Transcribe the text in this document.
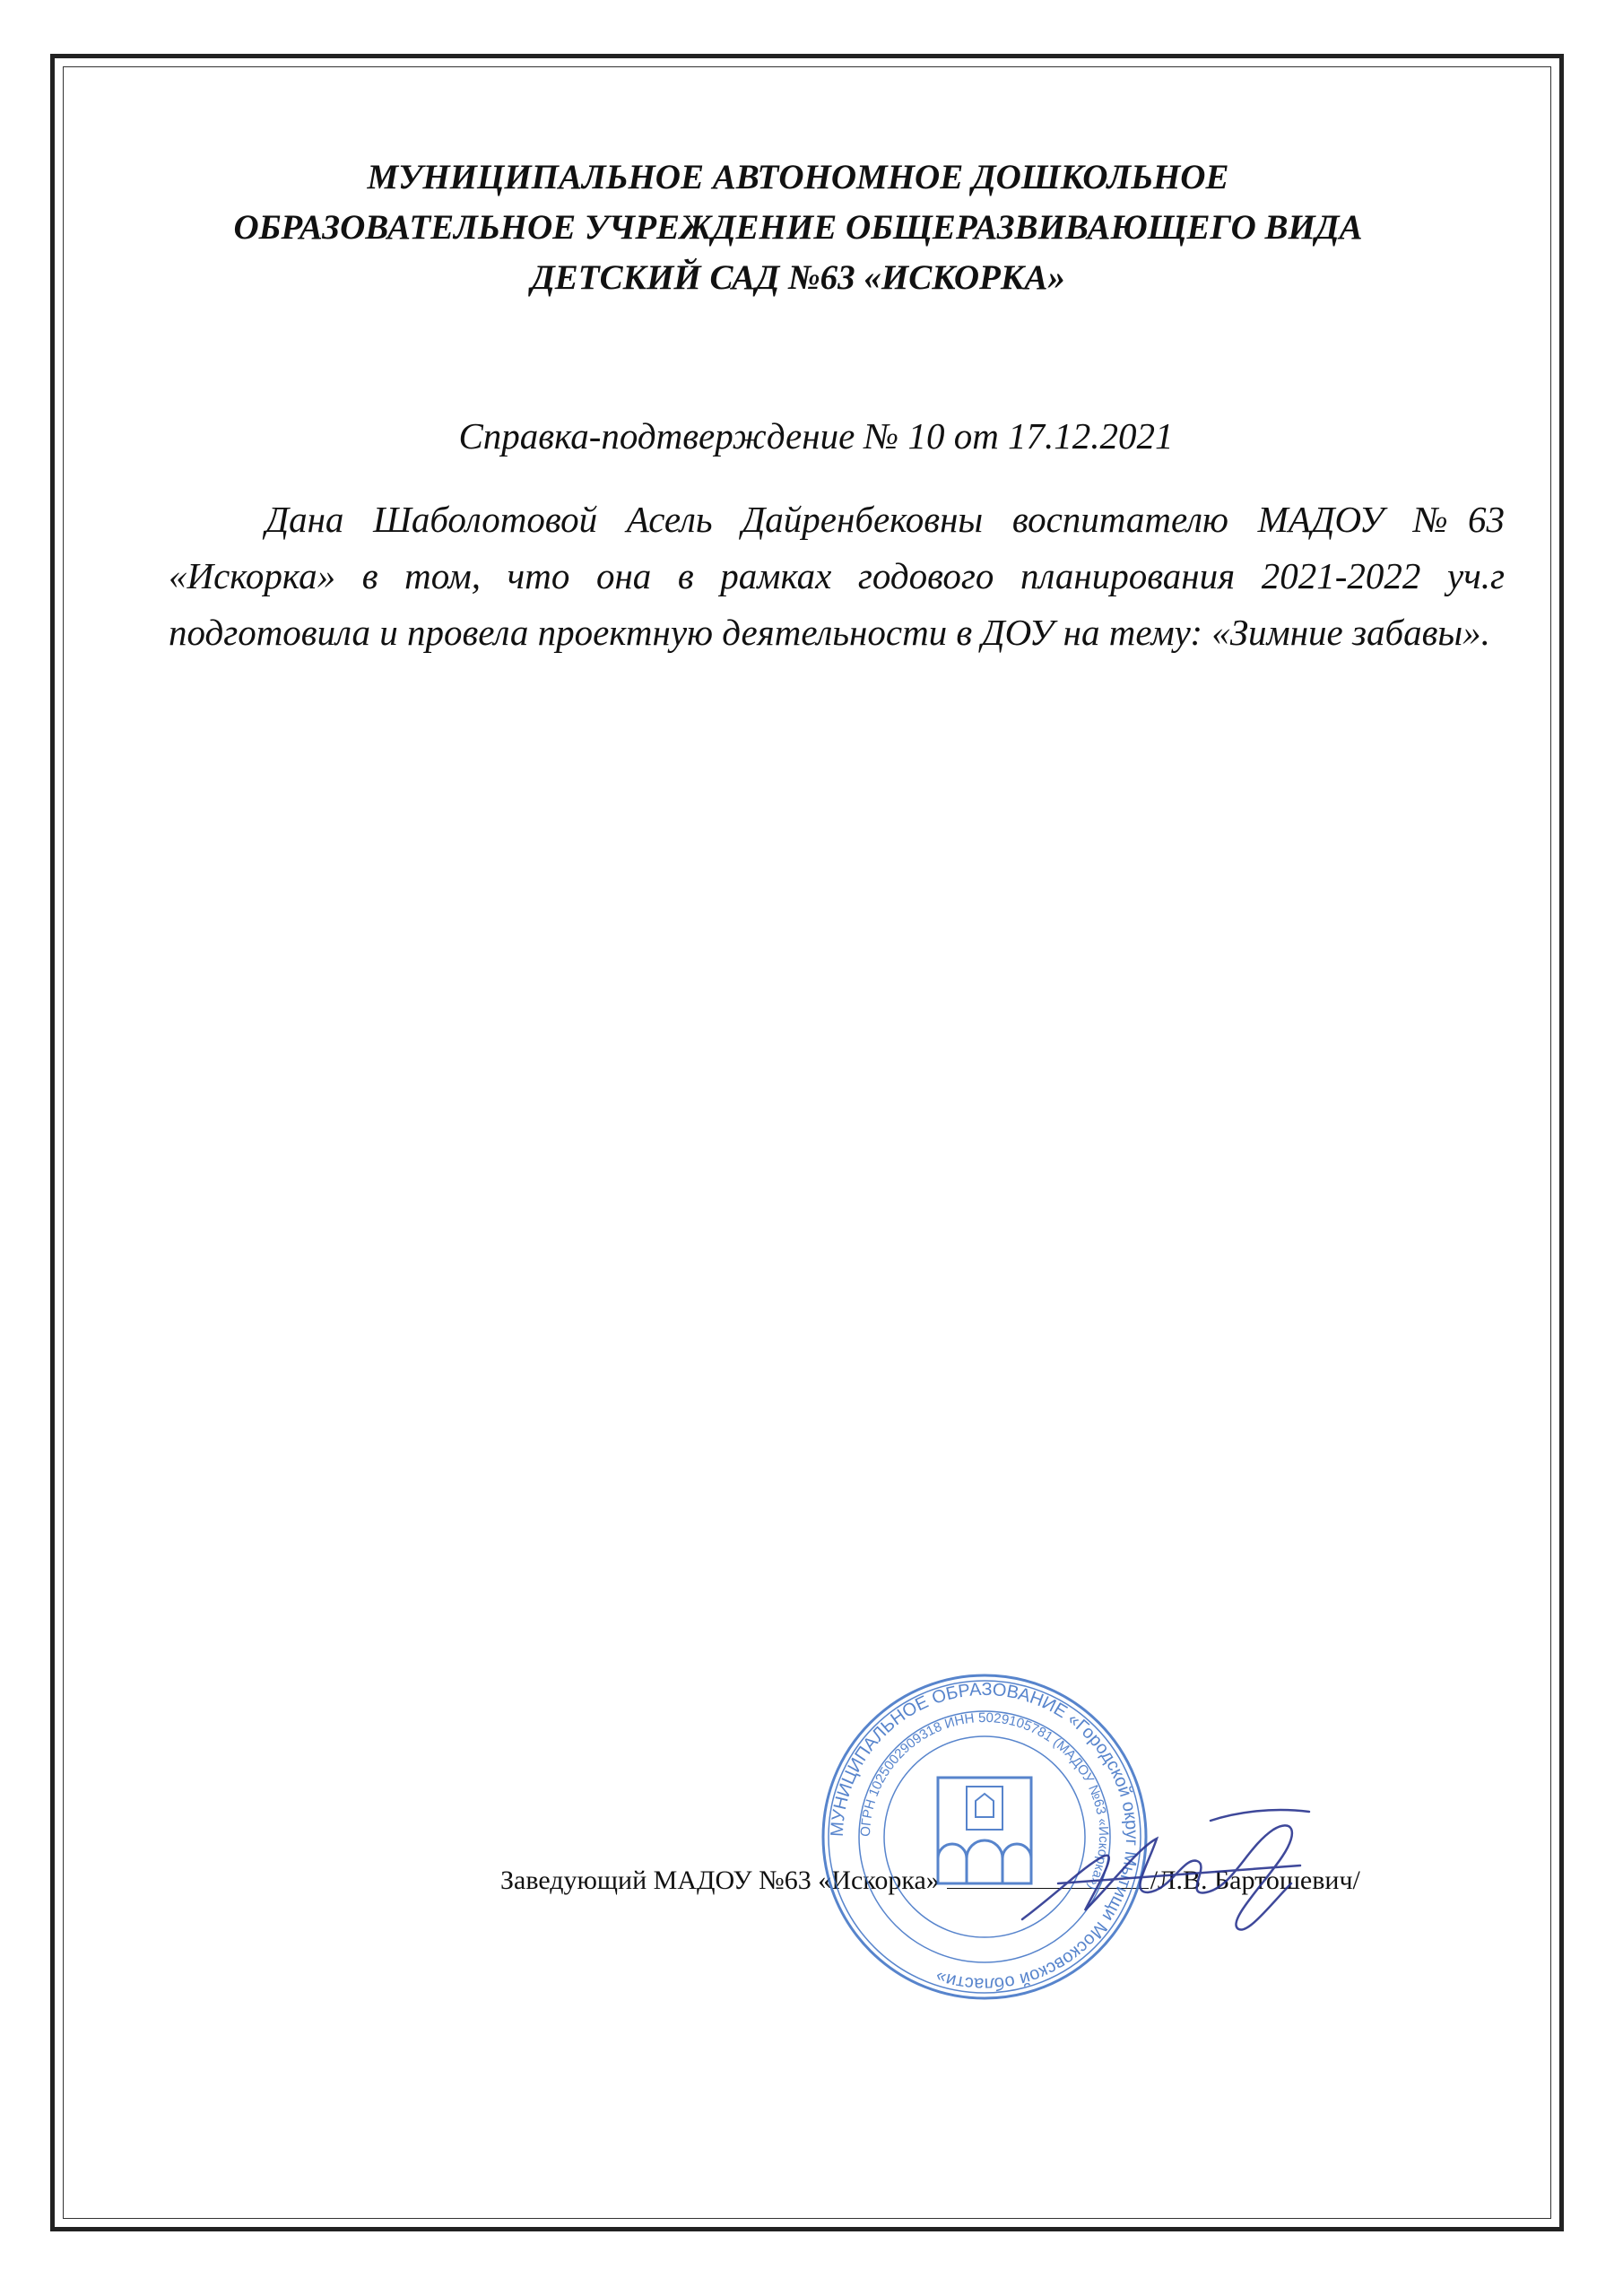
МУНИЦИПАЛЬНОЕ АВТОНОМНОЕ ДОШКОЛЬНОЕ
ОБРАЗОВАТЕЛЬНОЕ УЧРЕЖДЕНИЕ ОБЩЕРАЗВИВАЮЩЕГО ВИДА
ДЕТСКИЙ САД №63 «ИСКОРКА»
Справка-подтверждение № 10 от 17.12.2021
Дана Шаболотовой Асель Дайренбековны воспитателю МАДОУ №63 «Искорка» в том, что она в рамках годового планирования 2021-2022 уч.г подготовила и провела проектную деятельности в ДОУ на тему: «Зимние забавы».
Заведующий МАДОУ №63 «Искорка»	/Л.В. Бартошевич/
МУНИЦИПАЛЬНОЕ ОБРАЗОВАНИЕ «Городской округ Мытищи Московской области»
ОГРН 1025002909318 ИНН 5029105781 (МАДОУ №63 «Искорка»)
